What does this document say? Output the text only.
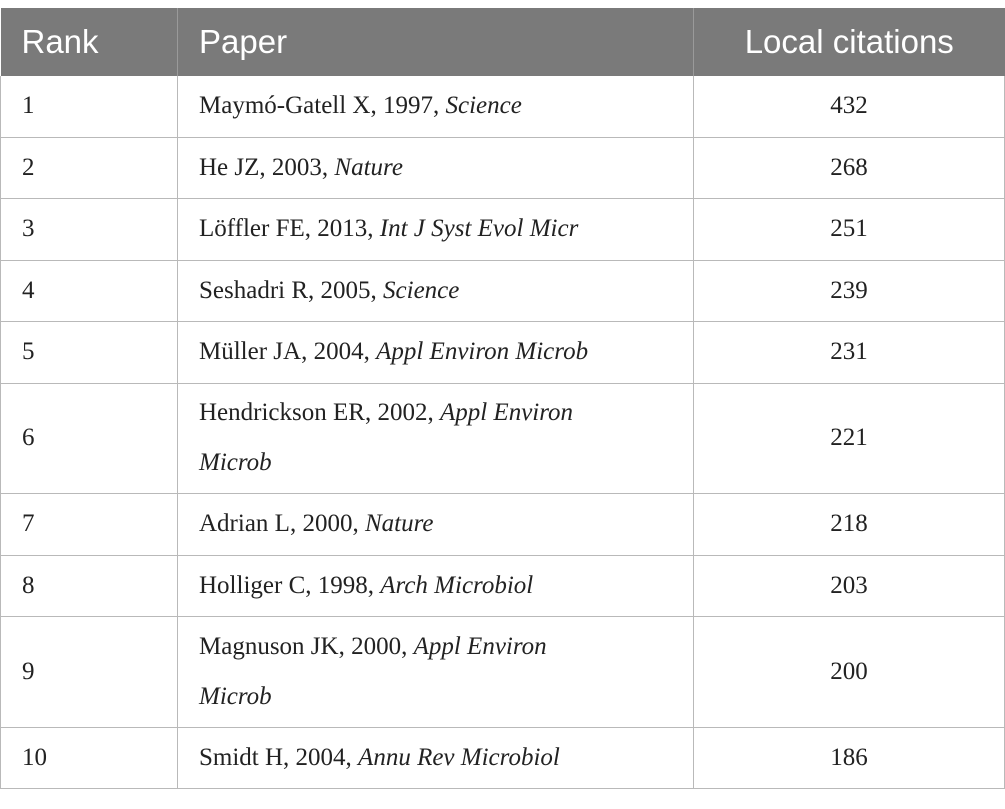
Rank	Paper	Local citations
1	Maymó-Gatell X, 1997, Science	432
2	He JZ, 2003, Nature	268
3	Löffler FE, 2013, Int J Syst Evol Micr	251
4	Seshadri R, 2005, Science	239
5	Müller JA, 2004, Appl Environ Microb	231
6	Hendrickson ER, 2002, Appl Environ Microb	221
7	Adrian L, 2000, Nature	218
8	Holliger C, 1998, Arch Microbiol	203
9	Magnuson JK, 2000, Appl Environ Microb	200
10	Smidt H, 2004, Annu Rev Microbiol	186
